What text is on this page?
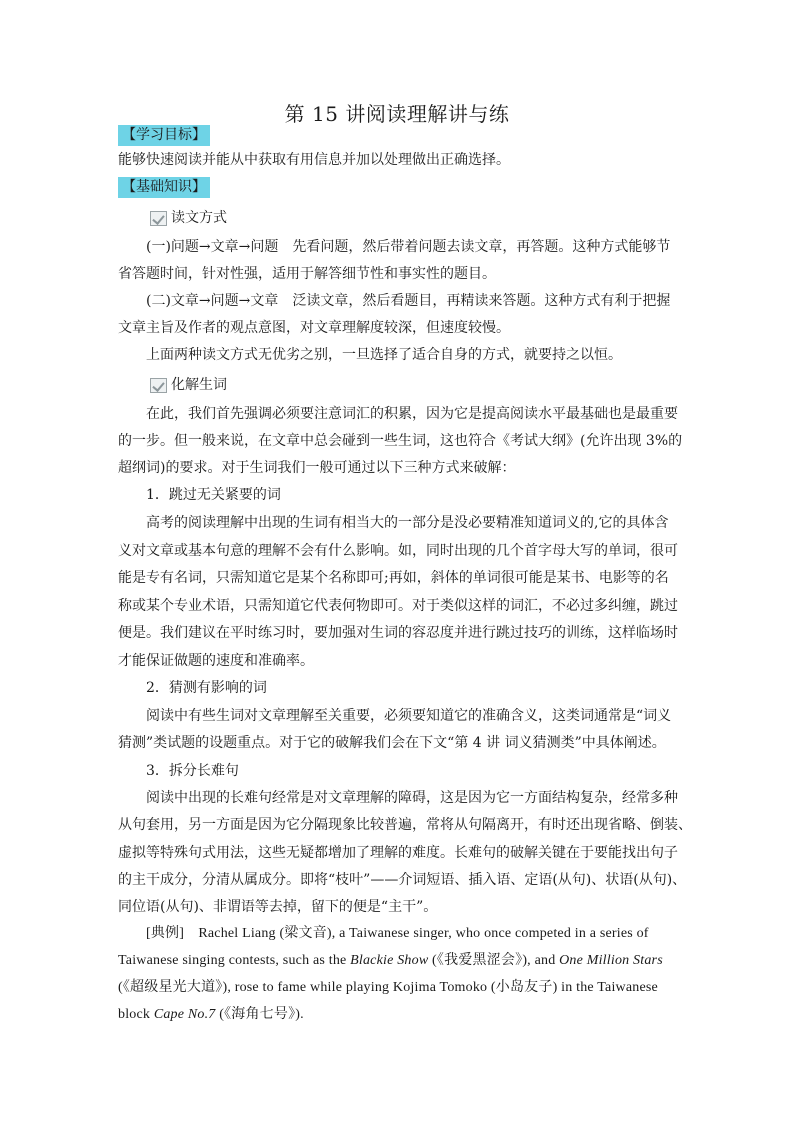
第 15 讲阅读理解讲与练
【学习目标】
能够快速阅读并能从中获取有用信息并加以处理做出正确选择。
【基础知识】
读文方式
(一)问题→文章→问题　先看问题，然后带着问题去读文章，再答题。这种方式能够节
省答题时间，针对性强，适用于解答细节性和事实性的题目。
(二)文章→问题→文章　泛读文章，然后看题目，再精读来答题。这种方式有利于把握
文章主旨及作者的观点意图，对文章理解度较深，但速度较慢。
上面两种读文方式无优劣之别，一旦选择了适合自身的方式，就要持之以恒。
化解生词
在此，我们首先强调必须要注意词汇的积累，因为它是提高阅读水平最基础也是最重要
的一步。但一般来说，在文章中总会碰到一些生词，这也符合《考试大纲》(允许出现 3%的
超纲词)的要求。对于生词我们一般可通过以下三种方式来破解：
1．跳过无关紧要的词
高考的阅读理解中出现的生词有相当大的一部分是没必要精准知道词义的,它的具体含
义对文章或基本句意的理解不会有什么影响。如，同时出现的几个首字母大写的单词，很可
能是专有名词，只需知道它是某个名称即可;再如，斜体的单词很可能是某书、电影等的名
称或某个专业术语，只需知道它代表何物即可。对于类似这样的词汇，不必过多纠缠，跳过
便是。我们建议在平时练习时，要加强对生词的容忍度并进行跳过技巧的训练，这样临场时
才能保证做题的速度和准确率。
2．猜测有影响的词
阅读中有些生词对文章理解至关重要，必须要知道它的准确含义，这类词通常是“词义
猜测”类试题的设题重点。对于它的破解我们会在下文“第 4 讲 词义猜测类”中具体阐述。
3．拆分长难句
阅读中出现的长难句经常是对文章理解的障碍，这是因为它一方面结构复杂，经常多种
从句套用，另一方面是因为它分隔现象比较普遍，常将从句隔离开，有时还出现省略、倒装、
虚拟等特殊句式用法，这些无疑都增加了理解的难度。长难句的破解关键在于要能找出句子
的主干成分，分清从属成分。即将“枝叶”——介词短语、插入语、定语(从句)、状语(从句)、
同位语(从句)、非谓语等去掉，留下的便是“主干”。
[典例]　Rachel Liang (梁文音), a Taiwanese singer, who once competed in a series of
Taiwanese singing contests, such as the Blackie Show (《我爱黑涩会》), and One Million Stars
(《超级星光大道》), rose to fame while playing Kojima Tomoko (小岛友子) in the Taiwanese
block Cape No.7 (《海角七号》).
